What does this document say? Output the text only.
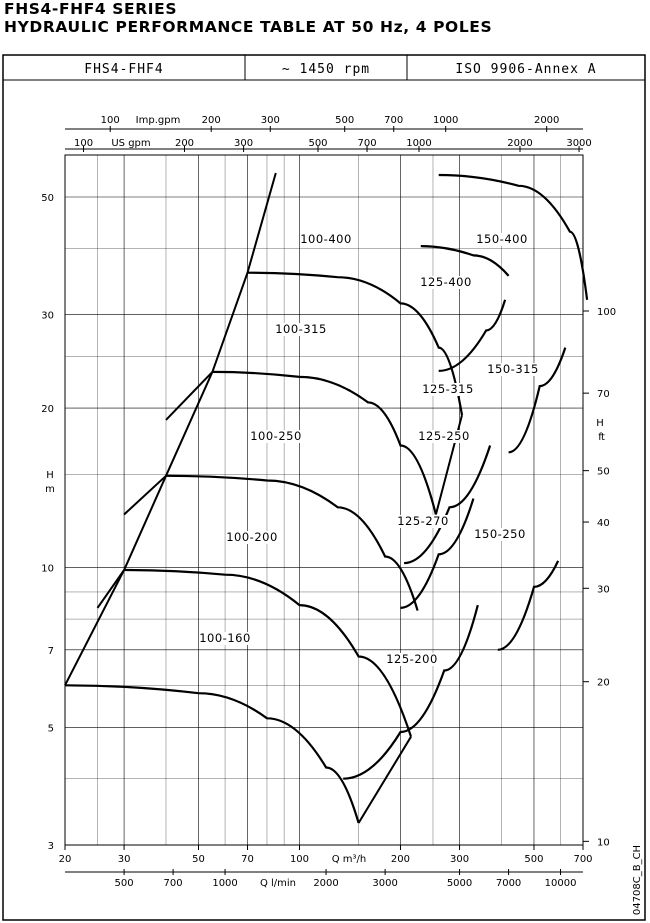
FHS4-FHF4 SERIES
HYDRAULIC PERFORMANCE TABLE AT 50 Hz, 4 POLES
FHS4-FHF4	~ 1450 rpm	ISO 9906-Annex A
20	30	50	70	100	200	300	500	700
3
5
7
10
20
30
50
10
20
30
40
50
70
100
Imp.gpm
US gpm
100	200	300	500	700	1000	2000
100	200	300	500	700	1000	2000	3000
Q m³/h
Q l/min
500	700	1000	2000	3000	5000 7000 10000
H
m
H
f t
100-160
100-200
100-250
100-315
100-400
125-200
125-250
125-270
125-315
125-400
150-250
150-315
150-400
04708C_B_CH
